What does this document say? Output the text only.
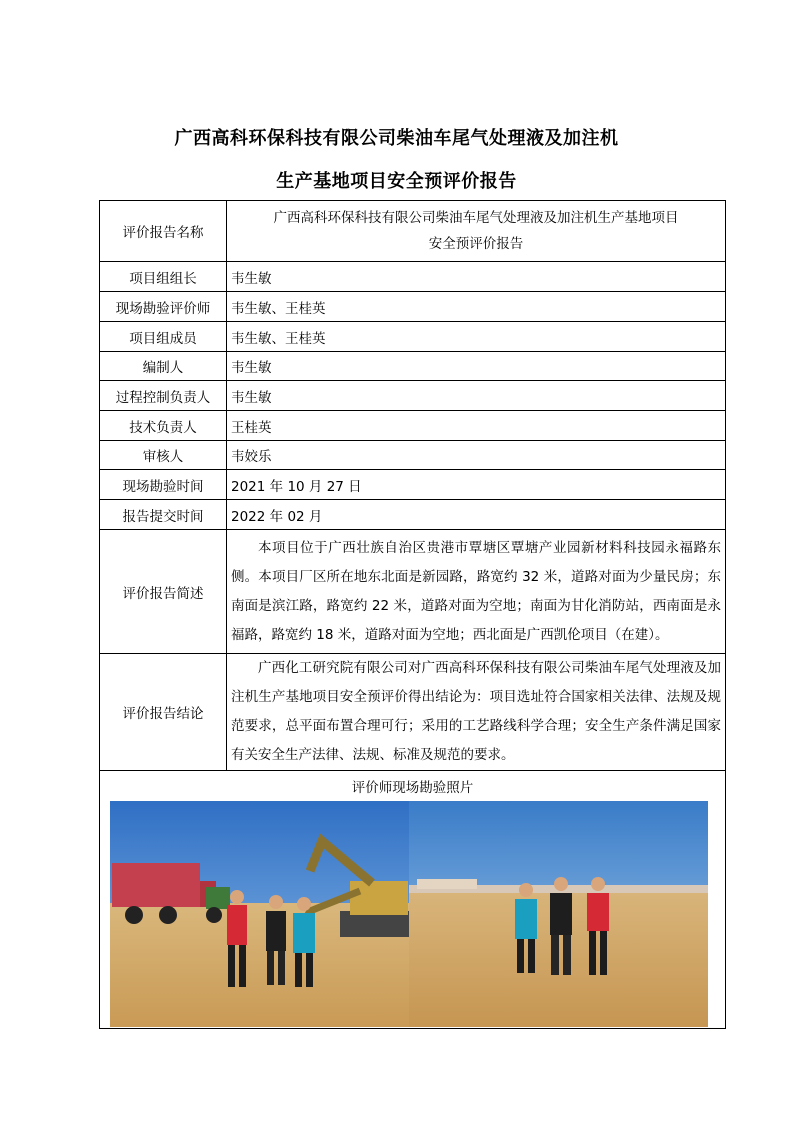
广西高科环保科技有限公司柴油车尾气处理液及加注机
生产基地项目安全预评价报告
评价报告名称	广西高科环保科技有限公司柴油车尾气处理液及加注机生产基地项目
安全预评价报告

项目组组长	韦生敏
现场勘验评价师	韦生敏、王桂英
项目组成员	韦生敏、王桂英
编制人	韦生敏
过程控制负责人	韦生敏
技术负责人	王桂英
审核人	韦姣乐
现场勘验时间	2021 年 10 月 27 日
报告提交时间	2022 年 02 月
评价报告简述	本项目位于广西壮族自治区贵港市覃塘区覃塘产业园新材料科技园永福路东侧。本项目厂区所在地东北面是新园路，路宽约 32 米，道路对面为少量民房；东南面是滨江路，路宽约 22 米，道路对面为空地；南面为甘化消防站，西南面是永福路，路宽约 18 米，道路对面为空地；西北面是广西凯伦项目（在建）。

评价报告结论	广西化工研究院有限公司对广西高科环保科技有限公司柴油车尾气处理液及加注机生产基地项目安全预评价得出结论为：项目选址符合国家相关法律、法规及规范要求，总平面布置合理可行；采用的工艺路线科学合理；安全生产条件满足国家有关安全生产法律、法规、标准及规范的要求。

评价师现场勘验照片	
